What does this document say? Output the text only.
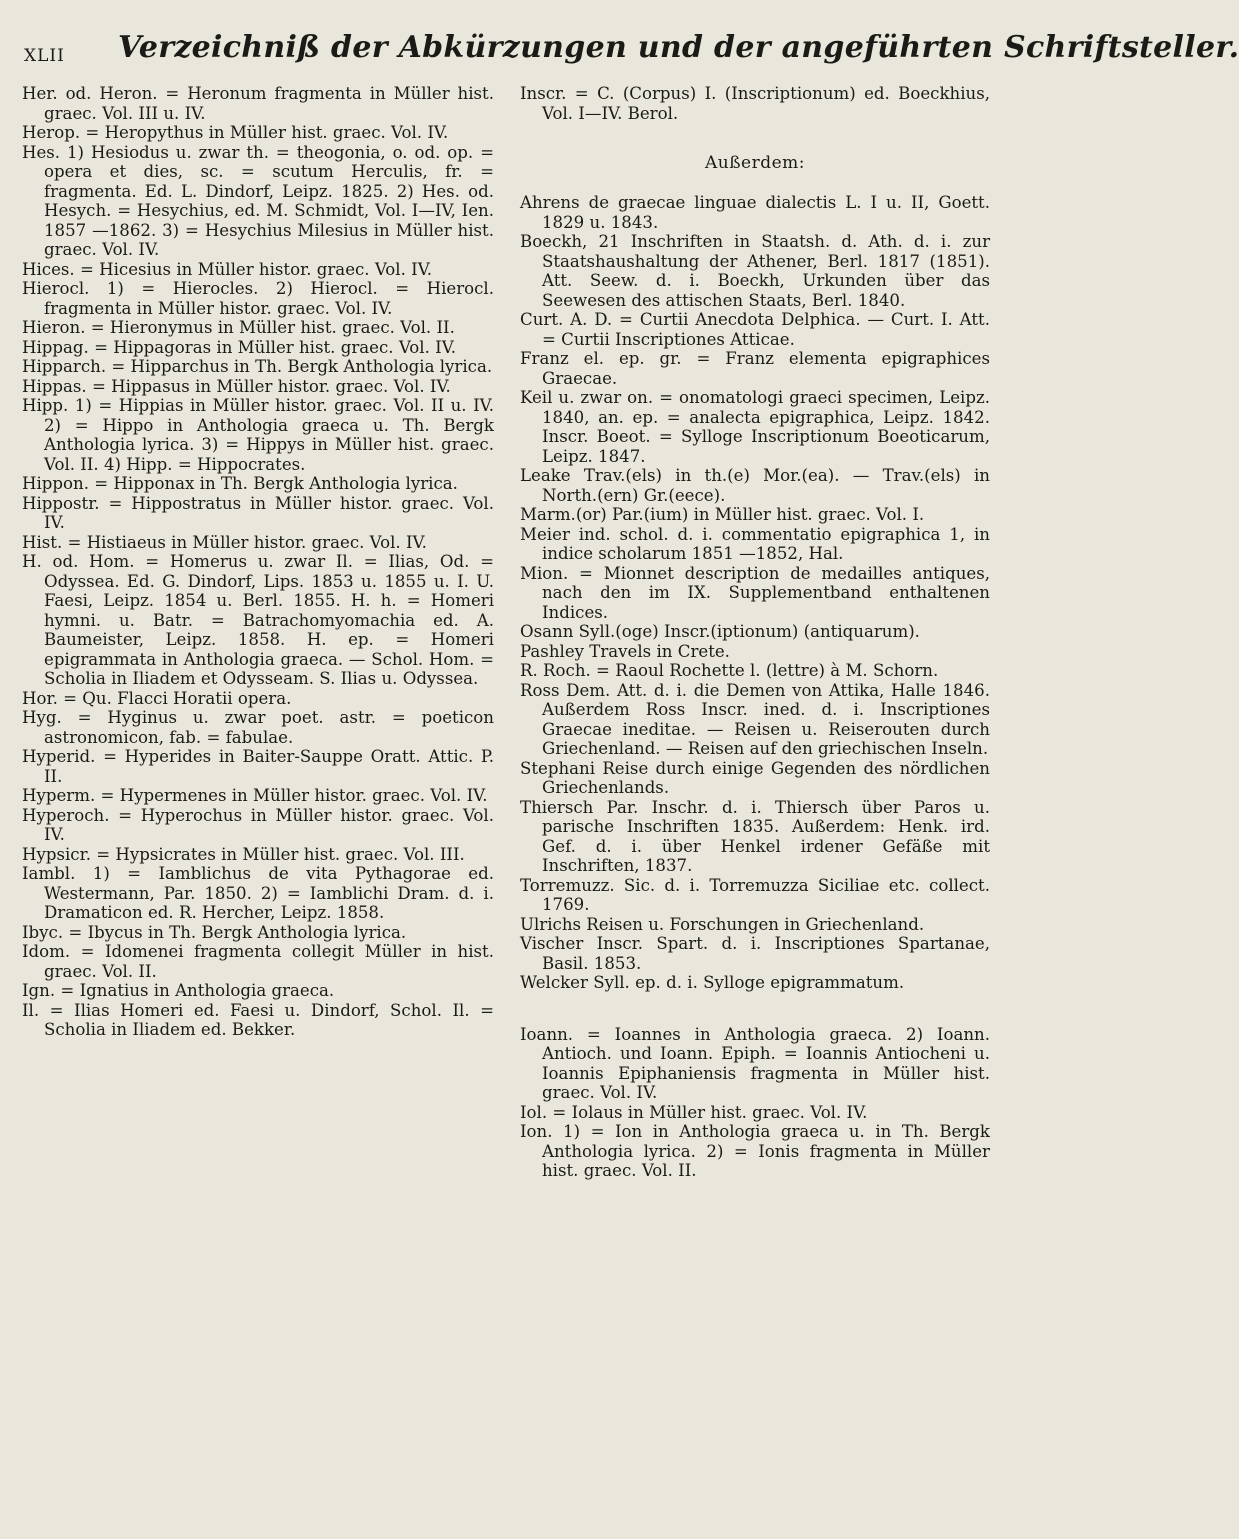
XLII Verzeichniß der Abkürzungen und der angeführten Schriftsteller.

Her. od. Heron. = Heronum fragmenta in Müller hist. graec. Vol. III u. IV.

Herop. = Heropythus in Müller hist. graec. Vol. IV.

Hes. 1) Hesiodus u. zwar th. = theogonia, o. od. op. = opera et dies, sc. = scutum Herculis, fr. = fragmenta. Ed. L. Dindorf, Leipz. 1825. 2) Hes. od. Hesych. = Hesychius, ed. M. Schmidt, Vol. I—IV, Ien. 1857 —1862. 3) = Hesychius Milesius in Müller hist. graec. Vol. IV.

Hices. = Hicesius in Müller histor. graec. Vol. IV.

Hierocl. 1) = Hierocles. 2) Hierocl. = Hierocl. fragmenta in Müller histor. graec. Vol. IV.

Hieron. = Hieronymus in Müller hist. graec. Vol. II.

Hippag. = Hippagoras in Müller hist. graec. Vol. IV.

Hipparch. = Hipparchus in Th. Bergk Anthologia lyrica.

Hippas. = Hippasus in Müller histor. graec. Vol. IV.

Hipp. 1) = Hippias in Müller histor. graec. Vol. II u. IV. 2) = Hippo in Anthologia graeca u. Th. Bergk Anthologia lyrica. 3) = Hippys in Müller hist. graec. Vol. II. 4) Hipp. = Hippocrates.

Hippon. = Hipponax in Th. Bergk Anthologia lyrica.

Hippostr. = Hippostratus in Müller histor. graec. Vol. IV.

Hist. = Histiaeus in Müller histor. graec. Vol. IV.

H. od. Hom. = Homerus u. zwar Il. = Ilias, Od. = Odyssea. Ed. G. Dindorf, Lips. 1853 u. 1855 u. I. U. Faesi, Leipz. 1854 u. Berl. 1855. H. h. = Homeri hymni. u. Batr. = Batrachomyomachia ed. A. Baumeister, Leipz. 1858. H. ep. = Homeri epigrammata in Anthologia graeca. — Schol. Hom. = Scholia in Iliadem et Odysseam. S. Ilias u. Odyssea.

Hor. = Qu. Flacci Horatii opera.

Hyg. = Hyginus u. zwar poet. astr. = poeticon astronomicon, fab. = fabulae.

Hyperid. = Hyperides in Baiter-Sauppe Oratt. Attic. P. II.

Hyperm. = Hypermenes in Müller histor. graec. Vol. IV.

Hyperoch. = Hyperochus in Müller histor. graec. Vol. IV.

Hypsicr. = Hypsicrates in Müller hist. graec. Vol. III.

Iambl. 1) = Iamblichus de vita Pythagorae ed. Westermann, Par. 1850. 2) = Iamblichi Dram. d. i. Dramaticon ed. R. Hercher, Leipz. 1858.

Ibyc. = Ibycus in Th. Bergk Anthologia lyrica.

Idom. = Idomenei fragmenta collegit Müller in hist. graec. Vol. II.

Ign. = Ignatius in Anthologia graeca.

Il. = Ilias Homeri ed. Faesi u. Dindorf, Schol. Il. = Scholia in Iliadem ed. Bekker.

Inscr. = C. (Corpus) I. (Inscriptionum) ed. Boeckhius, Vol. I—IV. Berol.

Außerdem:

Ahrens de graecae linguae dialectis L. I u. II, Goett. 1829 u. 1843.

Boeckh, 21 Inschriften in Staatsh. d. Ath. d. i. zur Staatshaushaltung der Athener, Berl. 1817 (1851). Att. Seew. d. i. Boeckh, Urkunden über das Seewesen des attischen Staats, Berl. 1840.

Curt. A. D. = Curtii Anecdota Delphica. — Curt. I. Att. = Curtii Inscriptiones Atticae.

Franz el. ep. gr. = Franz elementa epigraphices Graecae.

Keil u. zwar on. = onomatologi graeci specimen, Leipz. 1840, an. ep. = analecta epigraphica, Leipz. 1842. Inscr. Boeot. = Sylloge Inscriptionum Boeoticarum, Leipz. 1847.

Leake Trav.(els) in th.(e) Mor.(ea). — Trav.(els) in North.(ern) Gr.(eece).

Marm.(or) Par.(ium) in Müller hist. graec. Vol. I.

Meier ind. schol. d. i. commentatio epigraphica 1, in indice scholarum 1851 —1852, Hal.

Mion. = Mionnet description de medailles antiques, nach den im IX. Supplementband enthaltenen Indices.

Osann Syll.(oge) Inscr.(iptionum) (antiquarum).

Pashley Travels in Crete.

R. Roch. = Raoul Rochette l. (lettre) à M. Schorn.

Ross Dem. Att. d. i. die Demen von Attika, Halle 1846. Außerdem Ross Inscr. ined. d. i. Inscriptiones Graecae ineditae. — Reisen u. Reiserouten durch Griechenland. — Reisen auf den griechischen Inseln.

Stephani Reise durch einige Gegenden des nördlichen Griechenlands.

Thiersch Par. Inschr. d. i. Thiersch über Paros u. parische Inschriften 1835. Außerdem: Henk. ird. Gef. d. i. über Henkel irdener Gefäße mit Inschriften, 1837.

Torremuzz. Sic. d. i. Torremuzza Siciliae etc. collect. 1769.

Ulrichs Reisen u. Forschungen in Griechenland.

Vischer Inscr. Spart. d. i. Inscriptiones Spartanae, Basil. 1853.

Welcker Syll. ep. d. i. Sylloge epigrammatum.

Ioann. = Ioannes in Anthologia graeca. 2) Ioann. Antioch. und Ioann. Epiph. = Ioannis Antiocheni u. Ioannis Epiphaniensis fragmenta in Müller hist. graec. Vol. IV.

Iol. = Iolaus in Müller hist. graec. Vol. IV.

Ion. 1) = Ion in Anthologia graeca u. in Th. Bergk Anthologia lyrica. 2) = Ionis fragmenta in Müller hist. graec. Vol. II.
